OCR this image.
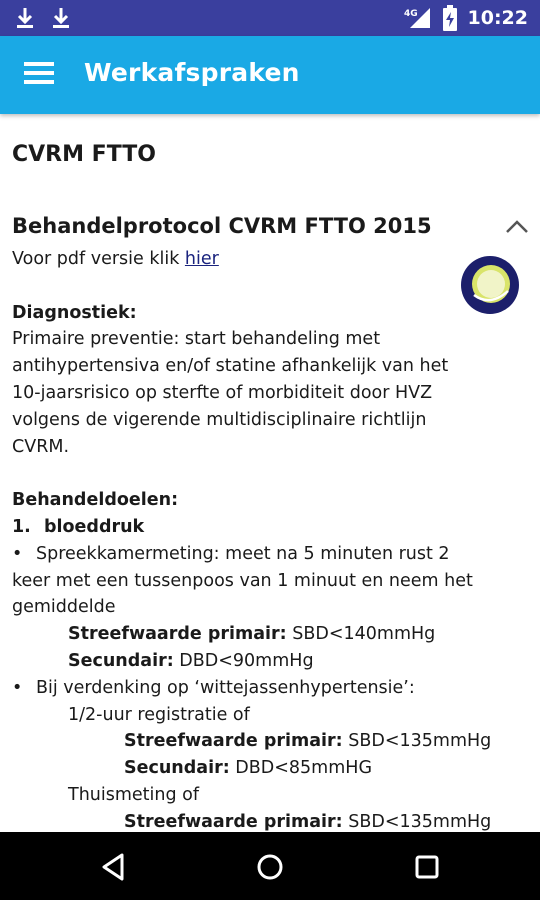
4G	10:22
Werkafspraken
CVRM FTTO
Behandelprotocol CVRM FTTO 2015
Voor pdf versie klik hier
Diagnostiek:
Primaire preventie: start behandeling met
antihypertensiva en/of statine afhankelijk van het
10-jaarsrisico op sterfte of morbiditeit door HVZ
volgens de vigerende multidisciplinaire richtlijn
CVRM.
Behandeldoelen:
1. bloeddruk
• Spreekkamermeting: meet na 5 minuten rust 2
keer met een tussenpoos van 1 minuut en neem het
gemiddelde
Streefwaarde primair: SBD<140mmHg
Secundair: DBD<90mmHg
• Bij verdenking op ‘wittejassenhypertensie’:
1/2-uur registratie of
Streefwaarde primair: SBD<135mmHg
Secundair: DBD<85mmHG
Thuismeting of
Streefwaarde primair: SBD<135mmHg
